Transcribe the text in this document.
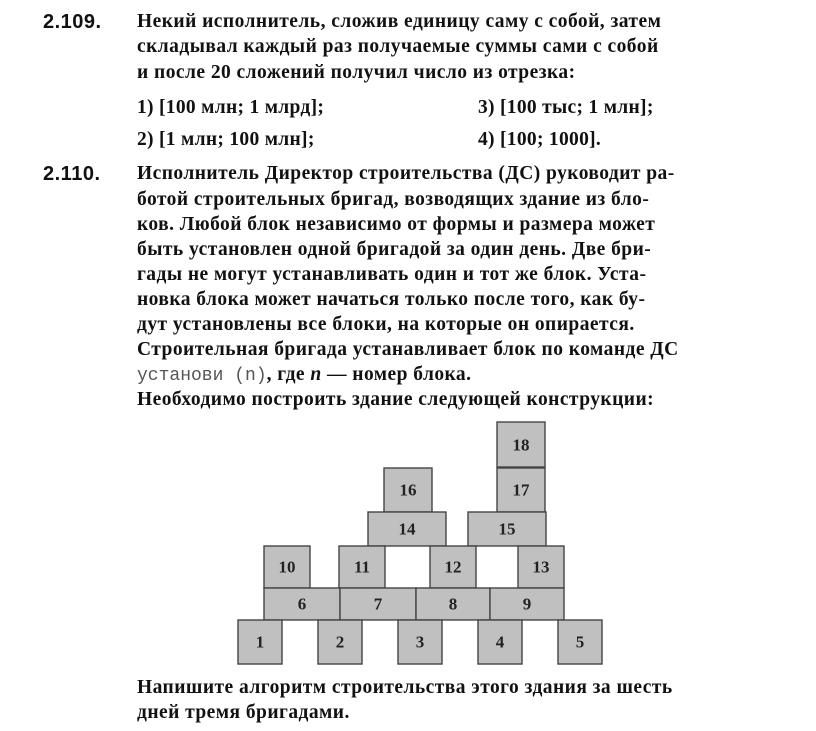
2.109. Некий исполнитель, сложив единицу саму с собой, затем
складывал каждый раз получаемые суммы сами с собой
и после 20 сложений получил число из отрезка:
1) [100 млн; 1 млрд];	3) [100 тыс; 1 млн];
2) [1 млн; 100 млн];	4) [100; 1000].
2.110. Исполнитель Директор строительства (ДС) руководит ра-
ботой строительных бригад, возводящих здание из бло-
ков. Любой блок независимо от формы и размера может
быть установлен одной бригадой за один день. Две бри-
гады не могут устанавливать один и тот же блок. Уста-
новка блока может начаться только после того, как бу-
дут установлены все блоки, на которые он опирается.
Строительная бригада устанавливает блок по команде ДС
установи (n), где n — номер блока.
Необходимо построить здание следующей конструкции:
18
16	17
14	15
10	11	12	13
6	7	8	9
1	2	3	4	5
Напишите алгоритм строительства этого здания за шесть
дней тремя бригадами.
